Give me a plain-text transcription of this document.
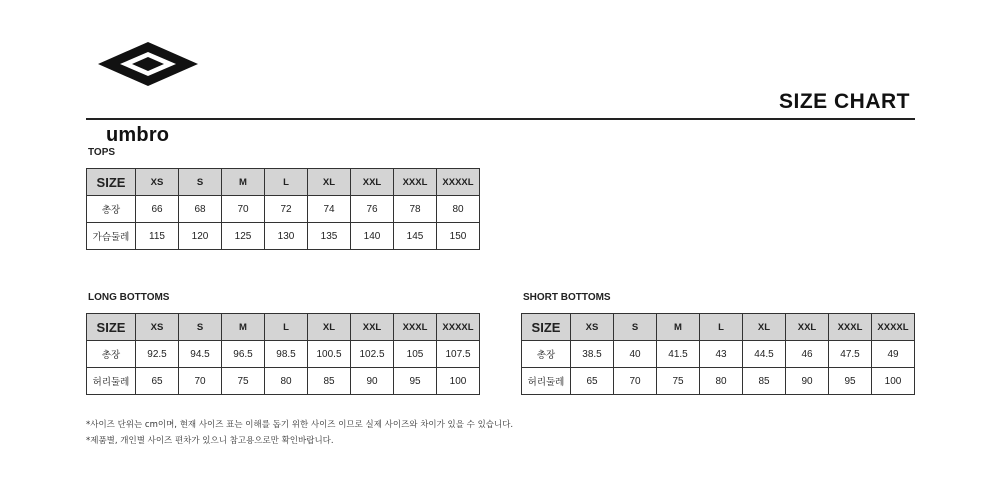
umbro
SIZE CHART
TOPS
SIZE	XS	S	M	L	XL	XXL	XXXL	XXXXL
총장	66	68	70	72	74	76	78	80
가슴둘레	115	120	125	130	135	140	145	150
LONG BOTTOMS
SIZE	XS	S	M	L	XL	XXL	XXXL	XXXXL
총장	92.5	94.5	96.5	98.5	100.5	102.5	105	107.5
허리둘레	65	70	75	80	85	90	95	100
SHORT BOTTOMS
SIZE	XS	S	M	L	XL	XXL	XXXL	XXXXL
총장	38.5	40	41.5	43	44.5	46	47.5	49
허리둘레	65	70	75	80	85	90	95	100
*사이즈 단위는 cm이며, 현재 사이즈 표는 이해를 돕기 위한 사이즈 이므로 실제 사이즈와 차이가 있을 수 있습니다.
*제품별, 개인별 사이즈 편차가 있으니 참고용으로만 확인바랍니다.
